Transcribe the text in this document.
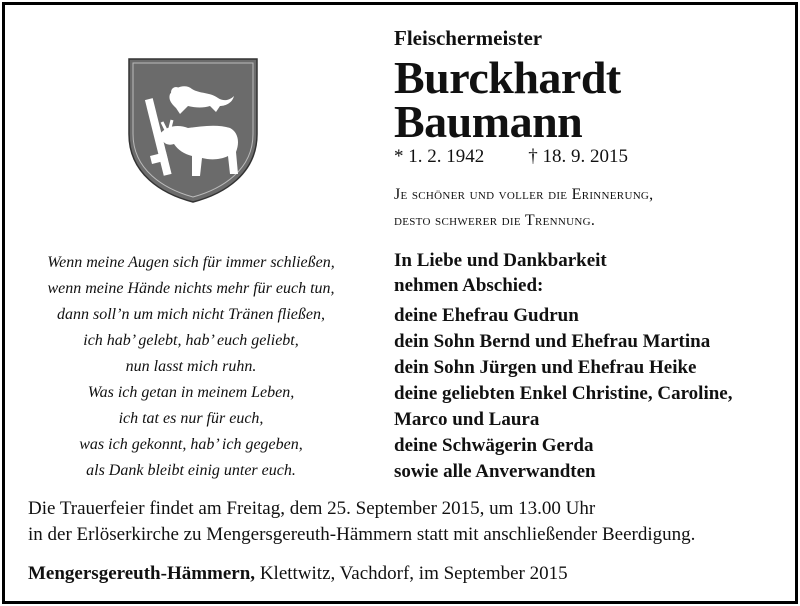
Fleischermeister
Burckhardt
Baumann
* 1. 2. 1942 † 18. 9. 2015
Je schöner und voller die Erinnerung,
desto schwerer die Trennung.
Wenn meine Augen sich für immer schließen,
wenn meine Hände nichts mehr für euch tun,
dann soll’n um mich nicht Tränen fließen,
ich hab’ gelebt, hab’ euch geliebt,
nun lasst mich ruhn.
Was ich getan in meinem Leben,
ich tat es nur für euch,
was ich gekonnt, hab’ ich gegeben,
als Dank bleibt einig unter euch.
In Liebe und Dankbarkeit
nehmen Abschied:
deine Ehefrau Gudrun
dein Sohn Bernd und Ehefrau Martina
dein Sohn Jürgen und Ehefrau Heike
deine geliebten Enkel Christine, Caroline,
Marco und Laura
deine Schwägerin Gerda
sowie alle Anverwandten
Die Trauerfeier findet am Freitag, dem 25. September 2015, um 13.00 Uhr
in der Erlöserkirche zu Mengersgereuth-Hämmern statt mit anschließender Beerdigung.
Mengersgereuth-Hämmern, Klettwitz, Vachdorf, im September 2015
